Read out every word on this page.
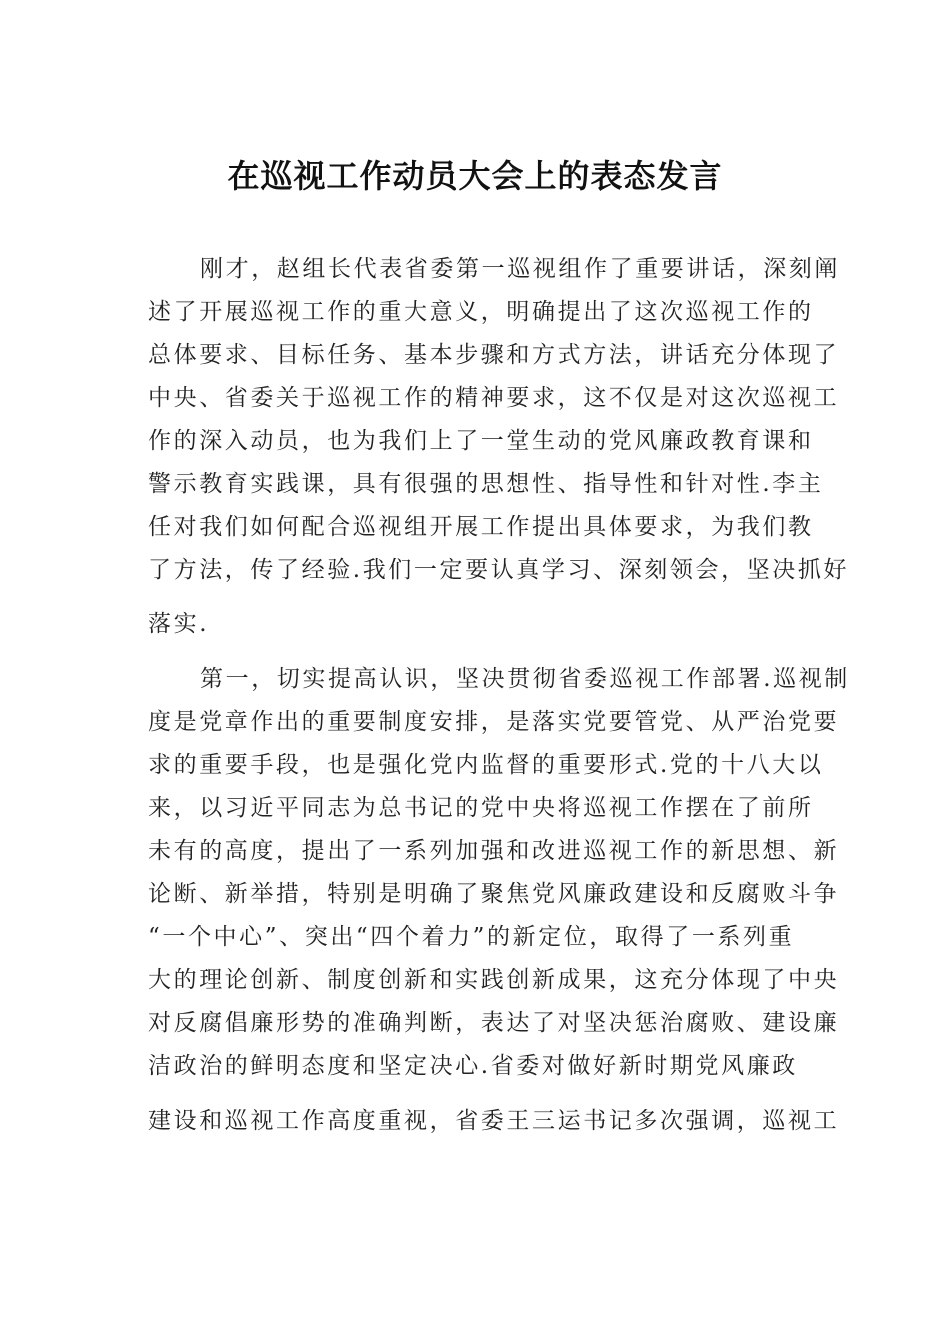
在巡视工作动员大会上的表态发言
刚才，赵组长代表省委第一巡视组作了重要讲话，深刻阐
述了开展巡视工作的重大意义，明确提出了这次巡视工作的
总体要求、目标任务、基本步骤和方式方法，讲话充分体现了
中央、省委关于巡视工作的精神要求，这不仅是对这次巡视工
作的深入动员，也为我们上了一堂生动的党风廉政教育课和
警示教育实践课，具有很强的思想性、指导性和针对性.李主
任对我们如何配合巡视组开展工作提出具体要求，为我们教
了方法，传了经验.我们一定要认真学习、深刻领会，坚决抓好
落实.
第一，切实提高认识，坚决贯彻省委巡视工作部署.巡视制
度是党章作出的重要制度安排，是落实党要管党、从严治党要
求的重要手段，也是强化党内监督的重要形式.党的十八大以
来，以习近平同志为总书记的党中央将巡视工作摆在了前所
未有的高度，提出了一系列加强和改进巡视工作的新思想、新
论断、新举措，特别是明确了聚焦党风廉政建设和反腐败斗争
“一个中心”、突出“四个着力”的新定位，取得了一系列重
大的理论创新、制度创新和实践创新成果，这充分体现了中央
对反腐倡廉形势的准确判断，表达了对坚决惩治腐败、建设廉
洁政治的鲜明态度和坚定决心.省委对做好新时期党风廉政
建设和巡视工作高度重视，省委王三运书记多次强调，巡视工
